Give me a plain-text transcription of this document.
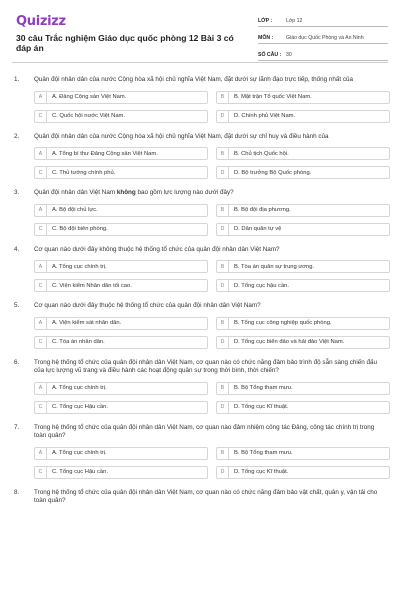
Quizizz
30 câu Trắc nghiệm Giáo dục quốc phòng 12 Bài 3 có đáp án
LỚP :	Lớp 12
MÔN :	Giáo dục Quốc Phòng và An Ninh
SỐ CÂU : 30
1.	Quân đội nhân dân của nước Cộng hòa xã hội chủ nghĩa Việt Nam, đặt dưới sự lãnh đạo trực tiếp, thống nhất của
A	A. Đảng Cộng sản Việt Nam.	B	B. Mặt trận Tổ quốc Việt Nam.
C	C. Quốc hội nước Việt Nam.	D	D. Chính phủ Việt Nam.
2.	Quân đội nhân dân của nước Cộng hòa xã hội chủ nghĩa Việt Nam, đặt dưới sự chỉ huy và điều hành của
A	A. Tổng bí thư Đảng Cộng sản Việt Nam.	B	B. Chủ tịch Quốc hội.
C	C. Thủ tướng chính phủ.	D	D. Bộ trưởng Bộ Quốc phòng.
3.	Quân đội nhân dân Việt Nam không bao gồm lực lượng nào dưới đây?
A	A. Bộ đội chủ lực.	B	B. Bộ đội địa phương.
C	C. Bộ đội biên phòng.	D	D. Dân quân tự vệ
4.	Cơ quan nào dưới đây không thuộc hệ thống tổ chức của quân đội nhân dân Việt Nam?
A	A. Tổng cục chính trị.	B	B. Tòa án quân sự trung ương.
C	C. Viện kiểm Nhân dân tối cao.	D	D. Tổng cục hậu cần.
5.	Cơ quan nào dưới đây thuộc hệ thống tổ chức của quân đội nhân dân Việt Nam?
A	A. Viện kiểm sát nhân dân.	B	B. Tổng cục công nghiệp quốc phòng.
C	C. Tòa án nhân dân.	D	D. Tổng cục biển đảo và hải đảo Việt Nam.
6.	Trong hệ thống tổ chức của quân đội nhân dân Việt Nam, cơ quan nào có chức năng đảm bảo trình độ sẵn sàng chiến đấu của lực lượng vũ trang và điều hành các hoạt động quân sự trong thời bình, thời chiến?
A	A. Tổng cục chính trị.	B	B. Bộ Tổng tham mưu.
C	C. Tổng cục Hậu cần.	D	D. Tổng cục Kĩ thuật.
7.	Trong hệ thống tổ chức của quân đội nhân dân Việt Nam, cơ quan nào đảm nhiệm công tác Đảng, công tác chính trị trong toàn quân?
A	A. Tổng cục chính trị.	B	B. Bộ Tổng tham mưu.
C	C. Tổng cục Hậu cần.	D	D. Tổng cục Kĩ thuật.
8.	Trong hệ thống tổ chức của quân đội nhân dân Việt Nam, cơ quan nào có chức năng đảm bảo vật chất, quân y, vận tải cho toàn quân?
